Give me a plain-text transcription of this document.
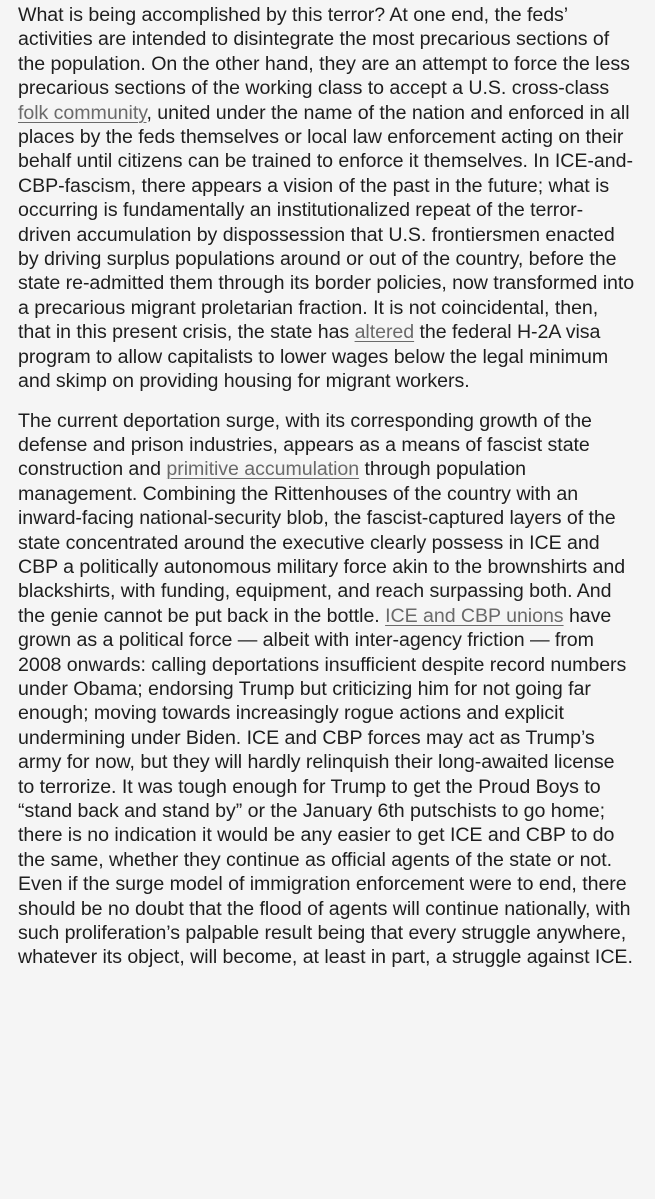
What is being accomplished by this terror? At one end, the feds’ activities are intended to disintegrate the most precarious sections of the population. On the other hand, they are an attempt to force the less precarious sections of the working class to accept a U.S. cross-class folk community, united under the name of the nation and enforced in all places by the feds themselves or local law enforcement acting on their behalf until citizens can be trained to enforce it themselves. In ICE-and-CBP-fascism, there appears a vision of the past in the future; what is occurring is fundamentally an institutionalized repeat of the terror-driven accumulation by dispossession that U.S. frontiersmen enacted by driving surplus populations around or out of the country, before the state re-admitted them through its border policies, now transformed into a precarious migrant proletarian fraction. It is not coincidental, then, that in this present crisis, the state has altered the federal H-2A visa program to allow capitalists to lower wages below the legal minimum and skimp on providing housing for migrant workers.

The current deportation surge, with its corresponding growth of the defense and prison industries, appears as a means of fascist state construction and primitive accumulation through population management. Combining the Rittenhouses of the country with an inward-facing national-security blob, the fascist-captured layers of the state concentrated around the executive clearly possess in ICE and CBP a politically autonomous military force akin to the brownshirts and blackshirts, with funding, equipment, and reach surpassing both. And the genie cannot be put back in the bottle. ICE and CBP unions have grown as a political force — albeit with inter-agency friction — from 2008 onwards: calling deportations insufficient despite record numbers under Obama; endorsing Trump but criticizing him for not going far enough; moving towards increasingly rogue actions and explicit undermining under Biden. ICE and CBP forces may act as Trump’s army for now, but they will hardly relinquish their long-awaited license to terrorize. It was tough enough for Trump to get the Proud Boys to “stand back and stand by” or the January 6th putschists to go home; there is no indication it would be any easier to get ICE and CBP to do the same, whether they continue as official agents of the state or not. Even if the surge model of immigration enforcement were to end, there should be no doubt that the flood of agents will continue nationally, with such proliferation’s palpable result being that every struggle anywhere, whatever its object, will become, at least in part, a struggle against ICE.
